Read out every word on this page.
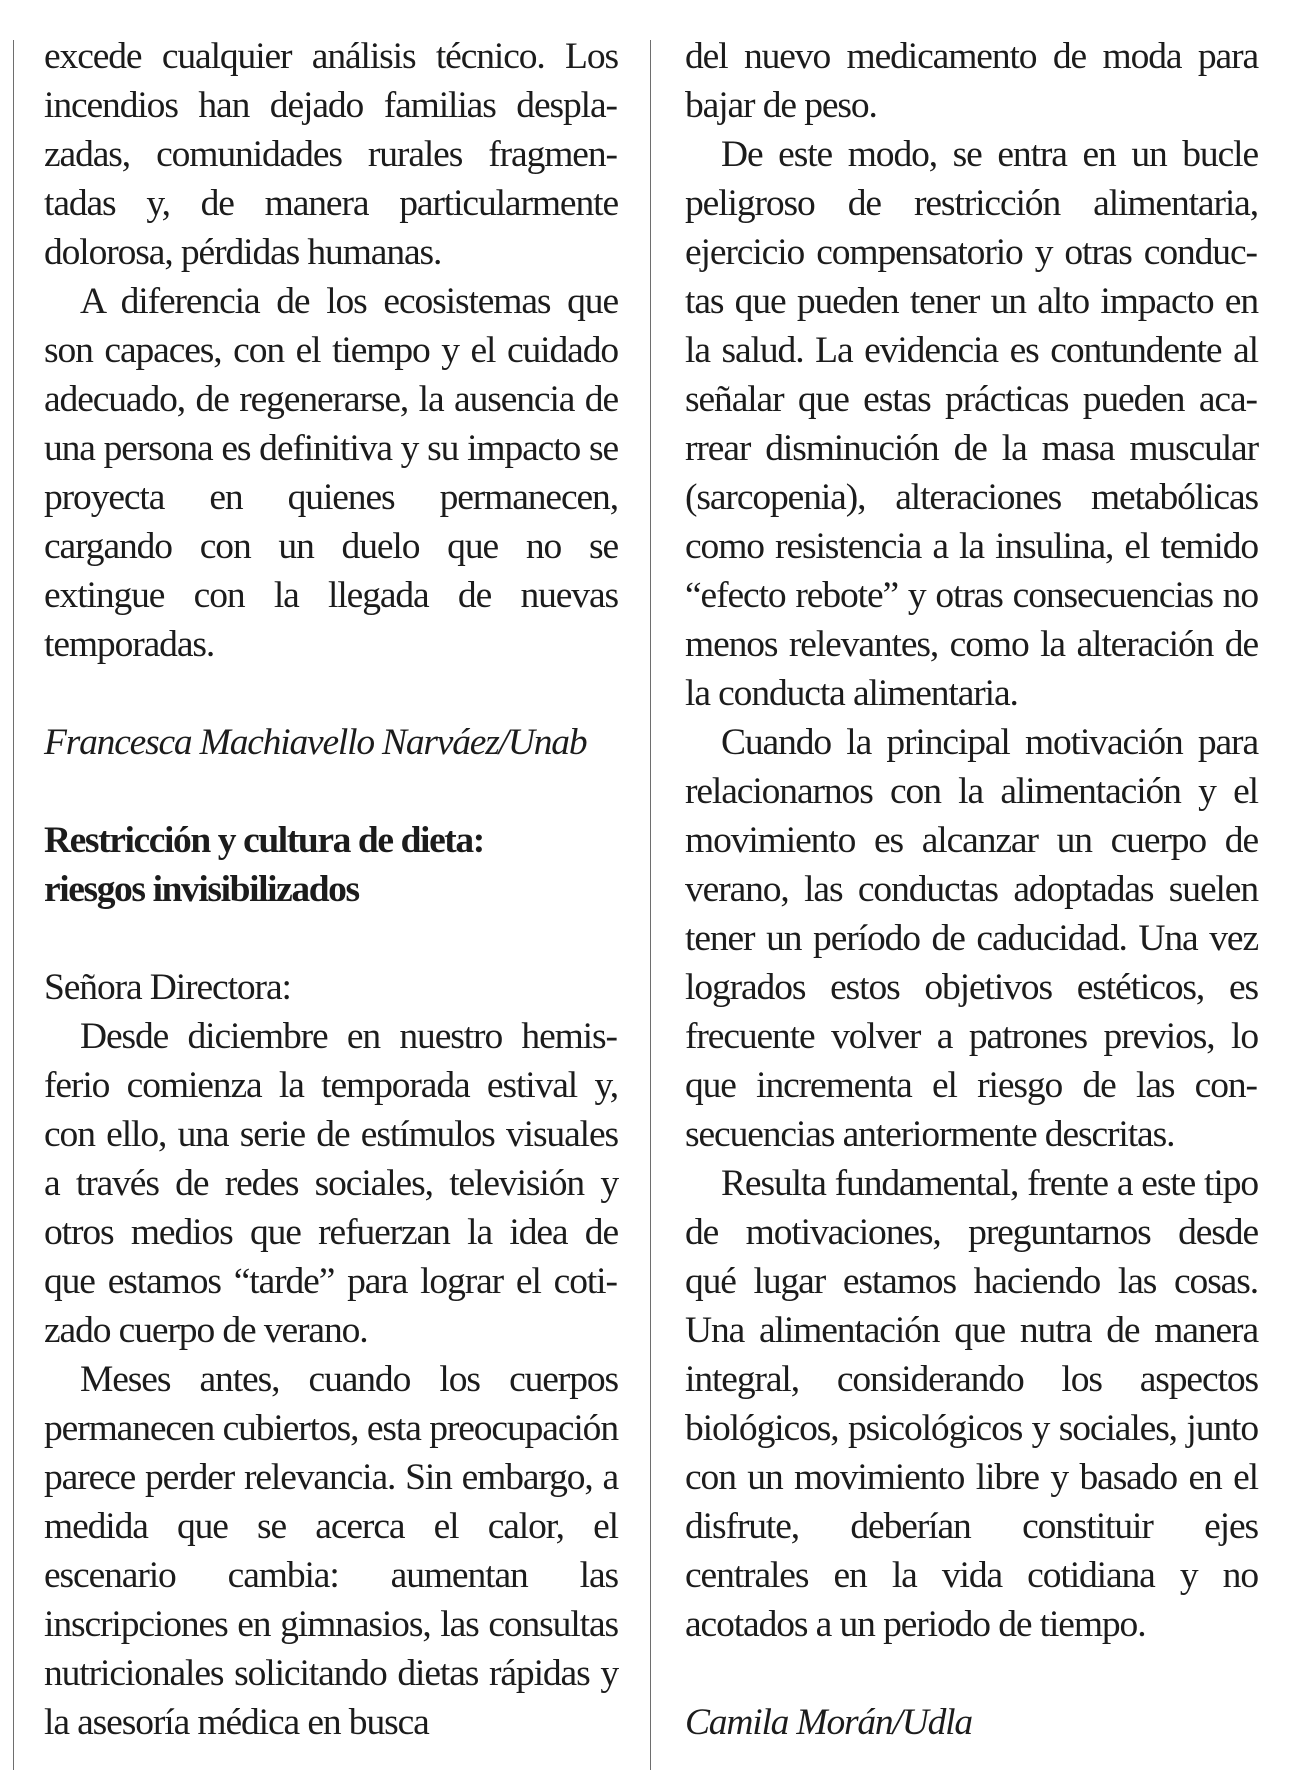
excede cualquier análisis técnico. Los incendios han dejado familias desplazadas, comunidades rurales fragmentadas y, de manera particularmente dolorosa, pérdidas humanas.

A diferencia de los ecosistemas que son capaces, con el tiempo y el cuidado adecuado, de regenerarse, la ausencia de una persona es definitiva y su impacto se proyecta en quienes permanecen, cargando con un duelo que no se extingue con la llegada de nuevas temporadas.

Francesca Machiavello Narváez/Unab

Restricción y cultura de dieta:
riesgos invisibilizados

Señora Directora:

Desde diciembre en nuestro hemisferio comienza la temporada estival y, con ello, una serie de estímulos visuales a través de redes sociales, televisión y otros medios que refuerzan la idea de que estamos “tarde” para lograr el cotizado cuerpo de verano.

Meses antes, cuando los cuerpos permanecen cubiertos, esta preocupación parece perder relevancia. Sin embargo, a medida que se acerca el calor, el escenario cambia: aumentan las inscripciones en gimnasios, las consultas nutricionales solicitando dietas rápidas y la asesoría médica en busca

del nuevo medicamento de moda para bajar de peso.

De este modo, se entra en un bucle peligroso de restricción alimentaria, ejercicio compensatorio y otras conductas que pueden tener un alto impacto en la salud. La evidencia es contundente al señalar que estas prácticas pueden acarrear disminución de la masa muscular (sarcopenia), alteraciones metabólicas como resistencia a la insulina, el temido “efecto rebote” y otras consecuencias no menos relevantes, como la alteración de la conducta alimentaria.

Cuando la principal motivación para relacionarnos con la alimentación y el movimiento es alcanzar un cuerpo de verano, las conductas adoptadas suelen tener un período de caducidad. Una vez logrados estos objetivos estéticos, es frecuente volver a patrones previos, lo que incrementa el riesgo de las consecuencias anteriormente descritas.

Resulta fundamental, frente a este tipo de motivaciones, preguntarnos desde qué lugar estamos haciendo las cosas. Una alimentación que nutra de manera integral, considerando los aspectos biológicos, psicológicos y sociales, junto con un movimiento libre y basado en el disfrute, deberían constituir ejes centrales en la vida cotidiana y no acotados a un periodo de tiempo.

Camila Morán/Udla
